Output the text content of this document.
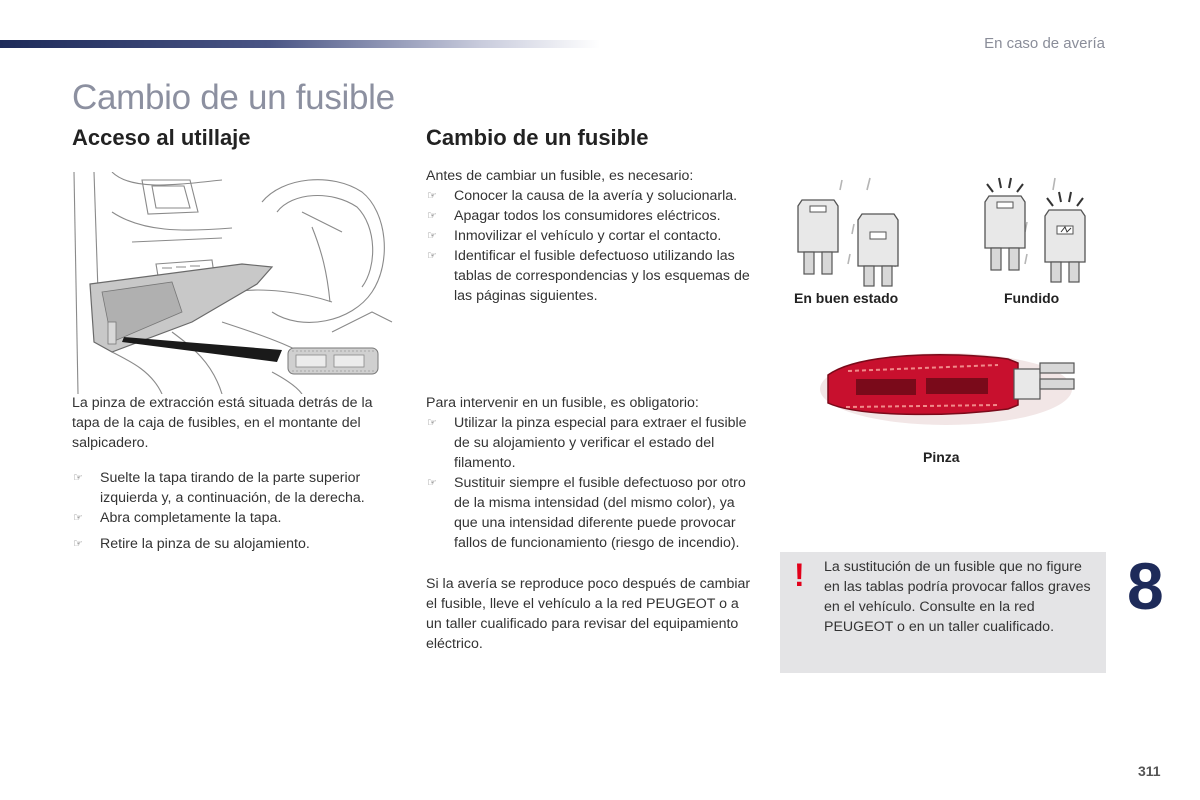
En caso de avería
Cambio de un fusible
Acceso al utillaje	Cambio de un fusible

La pinza de extracción está situada detrás de la tapa de la caja de fusibles, en el montante del salpicadero.

☞ Suelte la tapa tirando de la parte superior izquierda y, a continuación, de la derecha.
☞ Abra completamente la tapa.
☞ Retire la pinza de su alojamiento.

Antes de cambiar un fusible, es necesario:

☞ Conocer la causa de la avería y solucionarla.
☞ Apagar todos los consumidores eléctricos.
☞ Inmovilizar el vehículo y cortar el contacto.
☞ Identificar el fusible defectuoso utilizando las tablas de correspondencias y los esquemas de las páginas siguientes.

Para intervenir en un fusible, es obligatorio:

☞ Utilizar la pinza especial para extraer el fusible de su alojamiento y verificar el estado del filamento.
☞ Sustituir siempre el fusible defectuoso por otro de la misma intensidad (del mismo color), ya que una intensidad diferente puede provocar fallos de funcionamiento (riesgo de incendio).

Si la avería se reproduce poco después de cambiar el fusible, lleve el vehículo a la red PEUGEOT o a un taller cualificado para revisar del equipamiento eléctrico.

En buen estado	Fundido
Pinza
! La sustitución de un fusible que no figure en las tablas podría provocar fallos graves en el vehículo. Consulte en la red PEUGEOT o en un taller cualificado.
8
311
